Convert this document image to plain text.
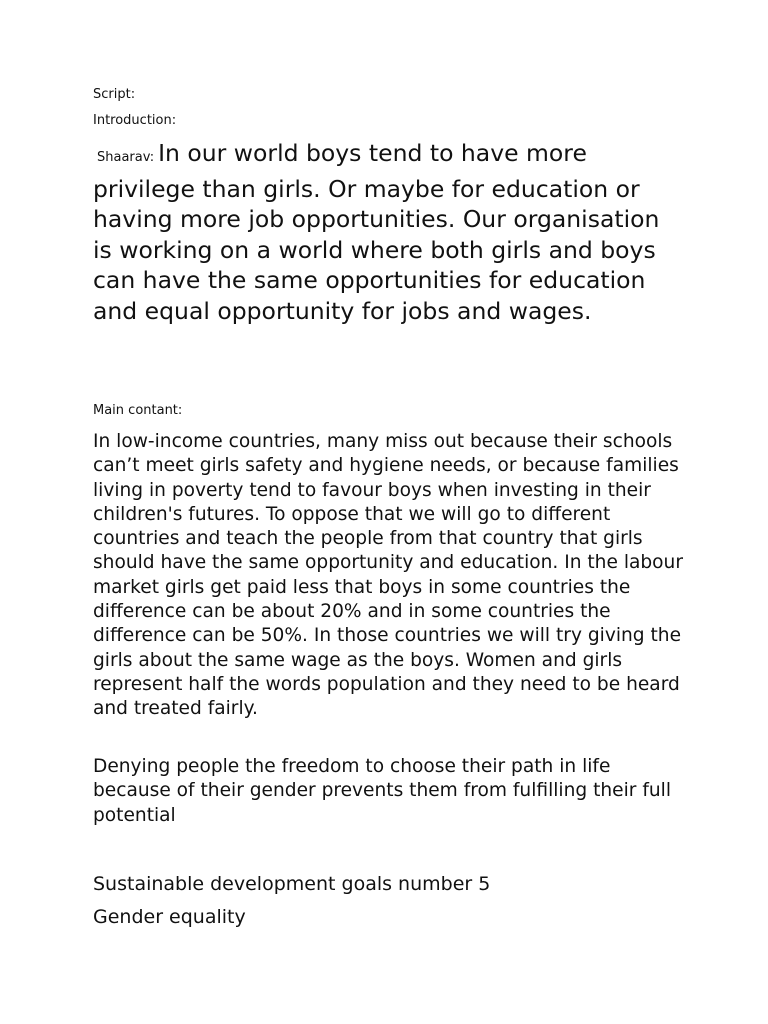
Script:

Introduction:

Shaarav: In our world boys tend to have more privilege than girls. Or maybe for education or having more job opportunities. Our organisation is working on a world where both girls and boys can have the same opportunities for education and equal opportunity for jobs and wages.

Main contant:

In low-income countries, many miss out because their schools can’t meet girls safety and hygiene needs, or because families living in poverty tend to favour boys when investing in their children's futures. To oppose that we will go to different countries and teach the people from that country that girls should have the same opportunity and education. In the labour market girls get paid less that boys in some countries the difference can be about 20% and in some countries the difference can be 50%. In those countries we will try giving the girls about the same wage as the boys. Women and girls represent half the words population and they need to be heard and treated fairly.

Denying people the freedom to choose their path in life because of their gender prevents them from fulfilling their full potential

Sustainable development goals number 5

Gender equality
